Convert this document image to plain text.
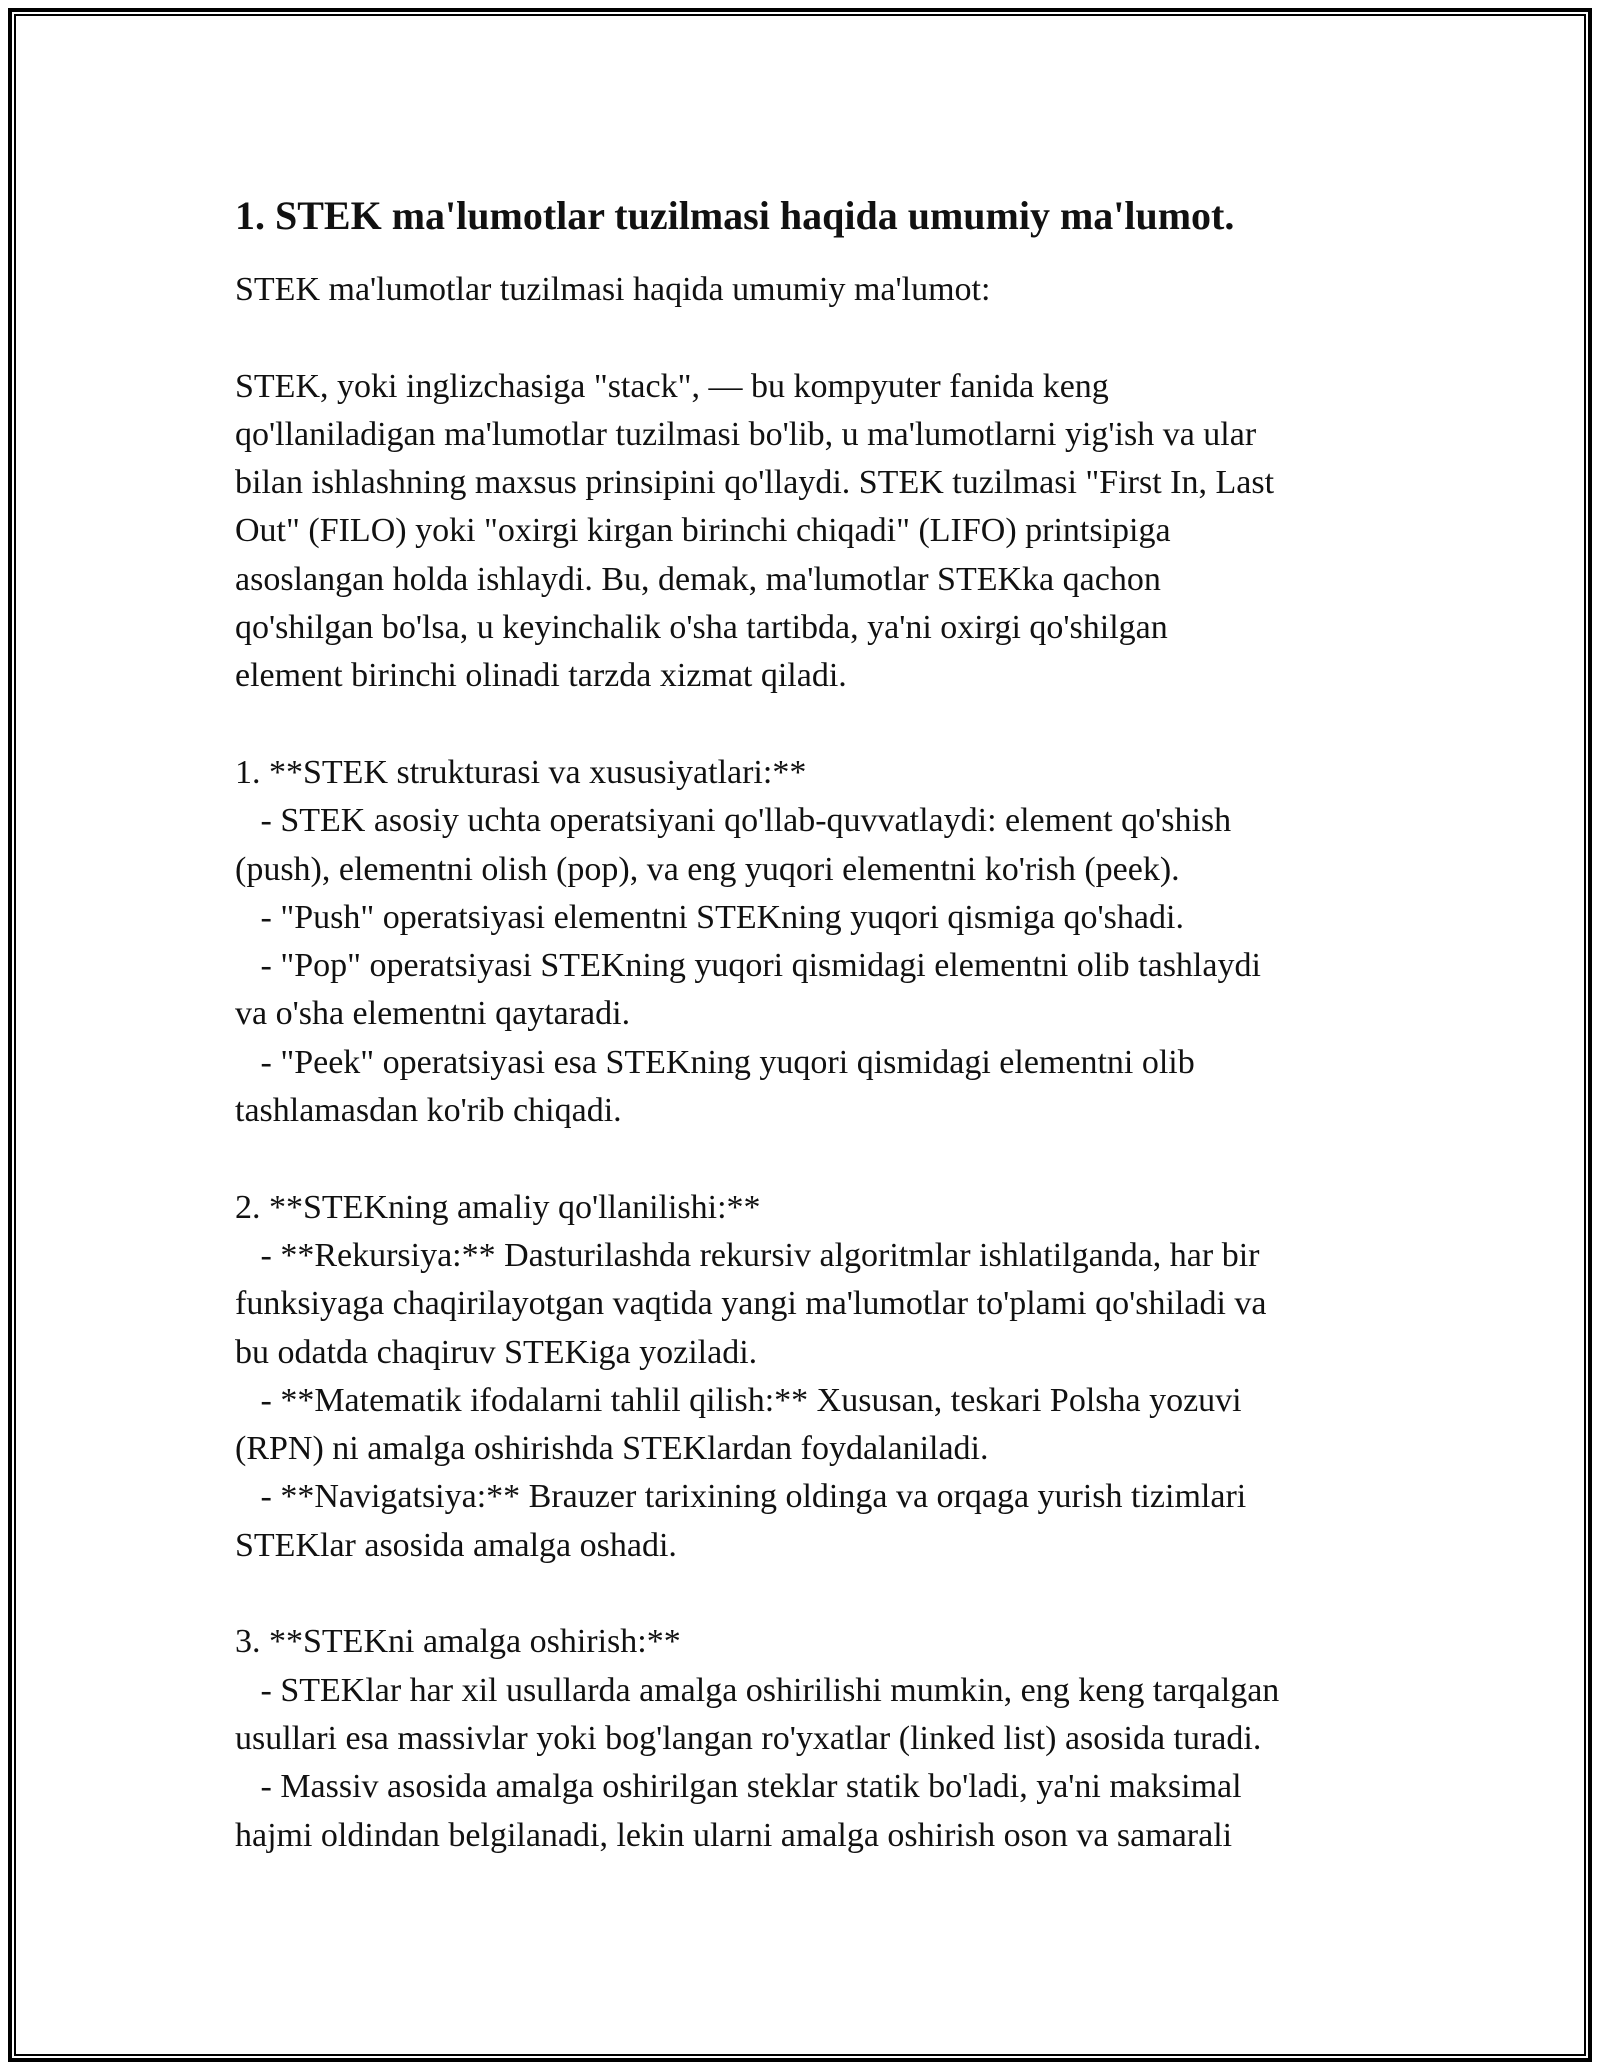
1. STEK ma'lumotlar tuzilmasi haqida umumiy ma'lumot.
STEK ma'lumotlar tuzilmasi haqida umumiy ma'lumot:
STEK, yoki inglizchasiga "stack", — bu kompyuter fanida keng
qo'llaniladigan ma'lumotlar tuzilmasi bo'lib, u ma'lumotlarni yig'ish va ular
bilan ishlashning maxsus prinsipini qo'llaydi. STEK tuzilmasi "First In, Last
Out" (FILO) yoki "oxirgi kirgan birinchi chiqadi" (LIFO) printsipiga
asoslangan holda ishlaydi. Bu, demak, ma'lumotlar STEKka qachon
qo'shilgan bo'lsa, u keyinchalik o'sha tartibda, ya'ni oxirgi qo'shilgan
element birinchi olinadi tarzda xizmat qiladi.
1. **STEK strukturasi va xususiyatlari:**
- STEK asosiy uchta operatsiyani qo'llab-quvvatlaydi: element qo'shish
(push), elementni olish (pop), va eng yuqori elementni ko'rish (peek).
- "Push" operatsiyasi elementni STEKning yuqori qismiga qo'shadi.
- "Pop" operatsiyasi STEKning yuqori qismidagi elementni olib tashlaydi
va o'sha elementni qaytaradi.
- "Peek" operatsiyasi esa STEKning yuqori qismidagi elementni olib
tashlamasdan ko'rib chiqadi.
2. **STEKning amaliy qo'llanilishi:**
- **Rekursiya:** Dasturilashda rekursiv algoritmlar ishlatilganda, har bir
funksiyaga chaqirilayotgan vaqtida yangi ma'lumotlar to'plami qo'shiladi va
bu odatda chaqiruv STEKiga yoziladi.
- **Matematik ifodalarni tahlil qilish:** Xususan, teskari Polsha yozuvi
(RPN) ni amalga oshirishda STEKlardan foydalaniladi.
- **Navigatsiya:** Brauzer tarixining oldinga va orqaga yurish tizimlari
STEKlar asosida amalga oshadi.
3. **STEKni amalga oshirish:**
- STEKlar har xil usullarda amalga oshirilishi mumkin, eng keng tarqalgan
usullari esa massivlar yoki bog'langan ro'yxatlar (linked list) asosida turadi.
- Massiv asosida amalga oshirilgan steklar statik bo'ladi, ya'ni maksimal
hajmi oldindan belgilanadi, lekin ularni amalga oshirish oson va samarali
